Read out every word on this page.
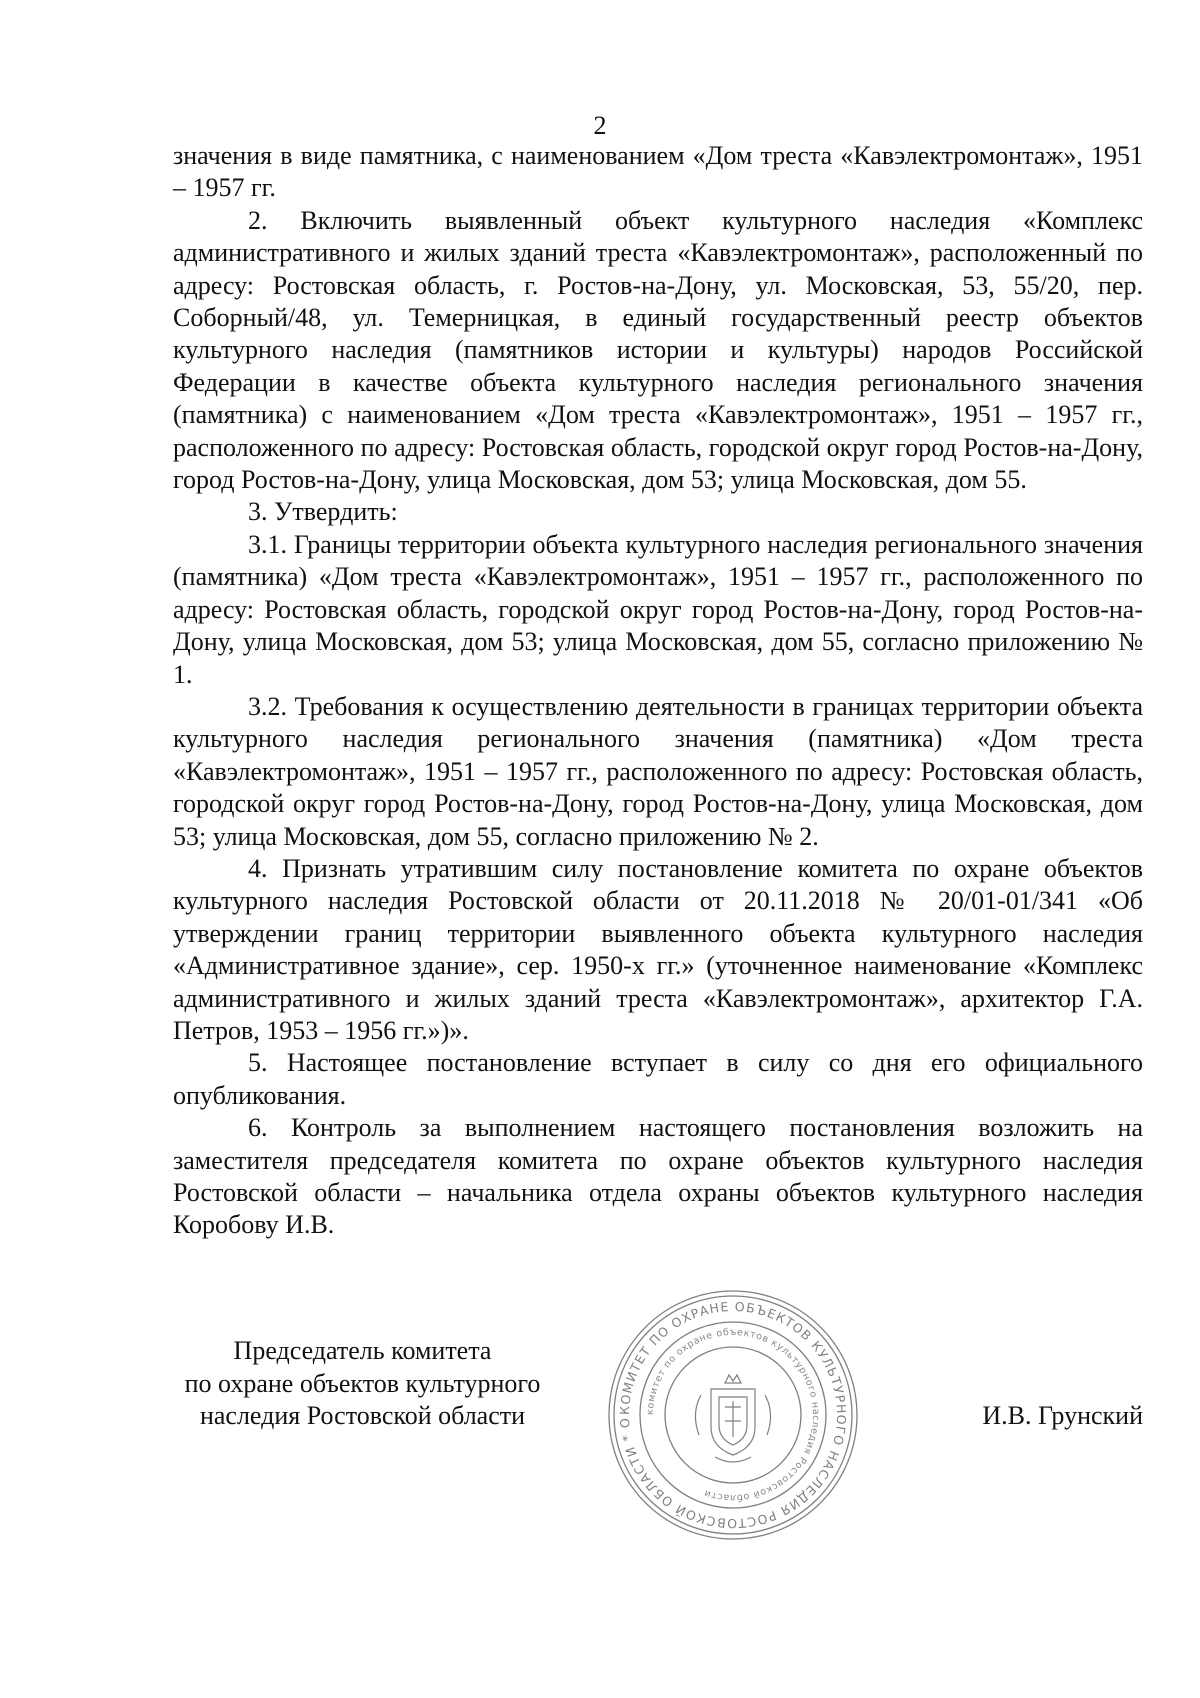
2

значения в виде памятника, с наименованием «Дом треста «Кавэлектромонтаж», 1951 – 1957 гг.

2. Включить выявленный объект культурного наследия «Комплекс административного и жилых зданий треста «Кавэлектромонтаж», расположенный по адресу: Ростовская область, г. Ростов-на-Дону, ул. Московская, 53, 55/20, пер. Соборный/48, ул. Темерницкая, в единый государственный реестр объектов культурного наследия (памятников истории и культуры) народов Российской Федерации в качестве объекта культурного наследия регионального значения (памятника) с наименованием «Дом треста «Кавэлектромонтаж», 1951 – 1957 гг., расположенного по адресу: Ростовская область, городской округ город Ростов-на-Дону, город Ростов-на-Дону, улица Московская, дом 53; улица Московская, дом 55.

3. Утвердить:

3.1. Границы территории объекта культурного наследия регионального значения (памятника) «Дом треста «Кавэлектромонтаж», 1951 – 1957 гг., расположенного по адресу: Ростовская область, городской округ город Ростов-на-Дону, город Ростов-на-Дону, улица Московская, дом 53; улица Московская, дом 55, согласно приложению № 1.

3.2. Требования к осуществлению деятельности в границах территории объекта культурного наследия регионального значения (памятника) «Дом треста «Кавэлектромонтаж», 1951 – 1957 гг., расположенного по адресу: Ростовская область, городской округ город Ростов-на-Дону, город Ростов-на-Дону, улица Московская, дом 53; улица Московская, дом 55, согласно приложению № 2.

4. Признать утратившим силу постановление комитета по охране объектов культурного наследия Ростовской области от 20.11.2018 № 20/01-01/341 «Об утверждении границ территории выявленного объекта культурного наследия «Административное здание», сер. 1950-х гг.» (уточненное наименование «Комплекс административного и жилых зданий треста «Кавэлектромонтаж», архитектор Г.А. Петров, 1953 – 1956 гг.»)».

5. Настоящее постановление вступает в силу со дня его официального опубликования.

6. Контроль за выполнением настоящего постановления возложить на заместителя председателя комитета по охране объектов культурного наследия Ростовской области – начальника отдела охраны объектов культурного наследия Коробову И.В.

Председатель комитета
по охране объектов культурного
наследия Ростовской области	КОМИТЕТ ПО ОХРАНЕ ОБЪЕКТОВ КУЛЬТУРНОГО НАСЛЕДИЯ РОСТОВСКОЙ ОБЛАСТИ * О
комитет по охране объектов культурного наследия Ростовской области
И.В. Грунский
